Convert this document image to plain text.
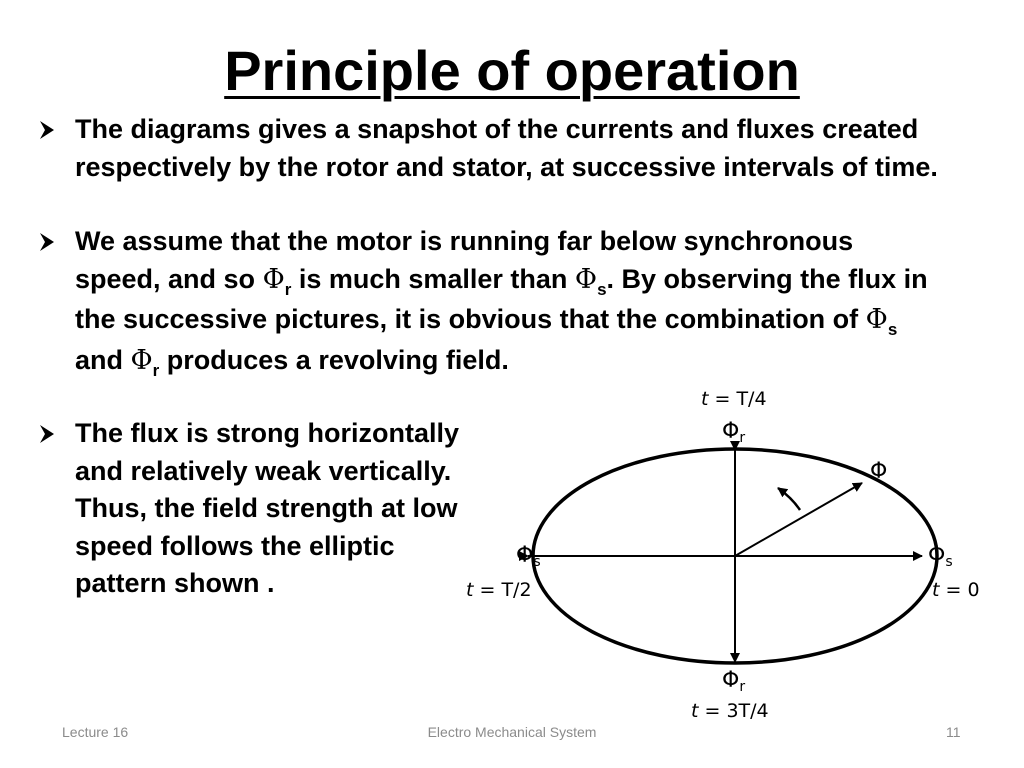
Principle of operation
The diagrams gives a snapshot of the currents and fluxes created respectively by the rotor and stator, at successive intervals of time.
We assume that the motor is running far below synchronous speed, and so $\Phi_r$ is much smaller than $\Phi_s$. By observing the flux in the successive pictures, it is obvious that the combination of $\Phi_s$ and $\Phi_r$ produces a revolving field.
The flux is strong horizontally and relatively weak vertically. Thus, the field strength at low speed follows the elliptic pattern shown .
Φr
t = T/4
Φ
Φs
t = T/2
Φs
t = 0
Φr
t = 3T/4
Lecture 16	Electro Mechanical System	11
